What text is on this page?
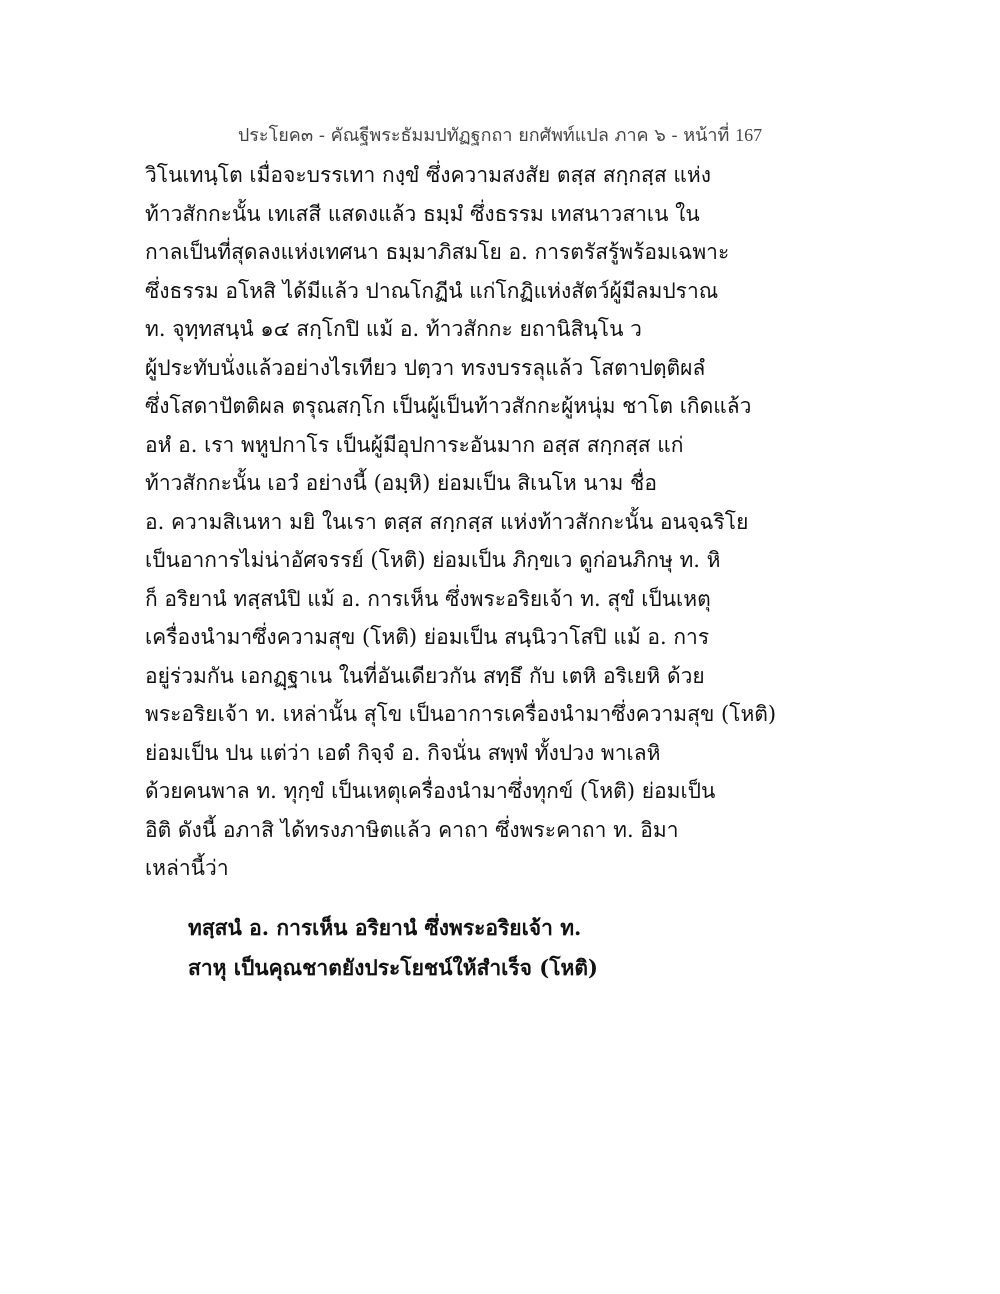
ประโยค๓ - คัณฐีพระธัมมปทัฏฐกถา ยกศัพท์แปล ภาค ๖ - หน้าที่ 167
วิโนเทนฺโต เมื่อจะบรรเทา กงฺขํ ซึ่งความสงสัย ตสฺส สกฺกสฺส แห่ง
ท้าวสักกะนั้น เทเสสี แสดงแล้ว ธมฺมํ ซึ่งธรรม เทสนาวสาเน ใน
กาลเป็นที่สุดลงแห่งเทศนา ธมฺมาภิสมโย อ. การตรัสรู้พร้อมเฉพาะ
ซึ่งธรรม อโหสิ ได้มีแล้ว ปาณโกฏีนํ แก่โกฏิแห่งสัตว์ผู้มีลมปราณ
ท. จุทฺทสนฺนํ ๑๔ สกฺโกปิ แม้ อ. ท้าวสักกะ ยถานิสินฺโน ว
ผู้ประทับนั่งแล้วอย่างไรเทียว ปตฺวา ทรงบรรลุแล้ว โสตาปตฺติผลํ
ซึ่งโสดาปัตติผล ตรุณสกฺโก เป็นผู้เป็นท้าวสักกะผู้หนุ่ม ชาโต เกิดแล้ว
อหํ อ. เรา พหูปกาโร เป็นผู้มีอุปการะอันมาก อสฺส สกฺกสฺส แก่
ท้าวสักกะนั้น เอวํ อย่างนี้ (อมฺหิ) ย่อมเป็น สิเนโห นาม ชื่อ
อ. ความสิเนหา มยิ ในเรา ตสฺส สกฺกสฺส แห่งท้าวสักกะนั้น อนจฺฉริโย
เป็นอาการไม่น่าอัศจรรย์ (โหติ) ย่อมเป็น ภิกฺขเว ดูก่อนภิกษุ ท. หิ
ก็ อริยานํ ทสฺสนํปิ แม้ อ. การเห็น ซึ่งพระอริยเจ้า ท. สุขํ เป็นเหตุ
เครื่องนำมาซึ่งความสุข (โหติ) ย่อมเป็น สนฺนิวาโสปิ แม้ อ. การ
อยู่ร่วมกัน เอกฏฺฐาเน ในที่อันเดียวกัน สทฺธึ กับ เตหิ อริเยหิ ด้วย
พระอริยเจ้า ท. เหล่านั้น สุโข เป็นอาการเครื่องนำมาซึ่งความสุข (โหติ)
ย่อมเป็น ปน แต่ว่า เอตํ กิจฺจํ อ. กิจนั่น สพฺพํ ทั้งปวง พาเลหิ
ด้วยคนพาล ท. ทุกฺขํ เป็นเหตุเครื่องนำมาซึ่งทุกข์ (โหติ) ย่อมเป็น
อิติ ดังนี้ อภาสิ ได้ทรงภาษิตแล้ว คาถา ซึ่งพระคาถา ท. อิมา
เหล่านี้ว่า
ทสฺสนํ อ. การเห็น อริยานํ ซึ่งพระอริยเจ้า ท.
สาหุ เป็นคุณชาตยังประโยชน์ให้สำเร็จ (โหติ)
